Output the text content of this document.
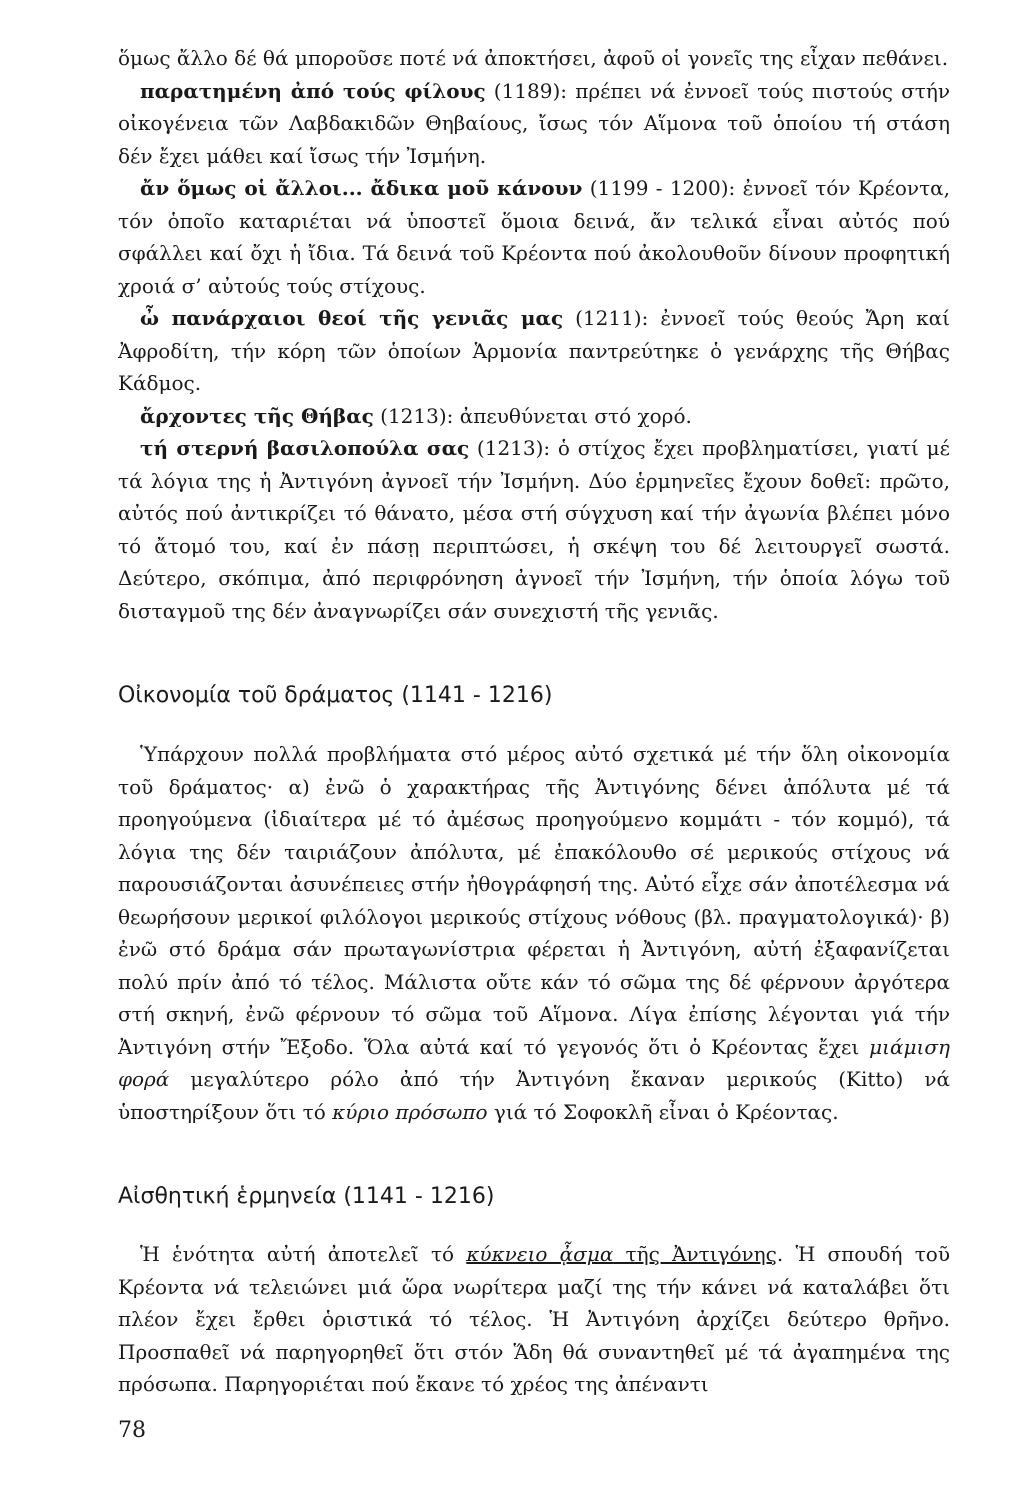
ὅμως ἄλλο δέ θά μποροῦσε ποτέ νά ἀποκτήσει, ἀφοῦ οἱ γονεῖς της εἶχαν πεθάνει.

παρατημένη ἀπό τούς φίλους (1189): πρέπει νά ἐννοεῖ τούς πιστούς στήν οἰκογένεια τῶν Λαβδακιδῶν Θηβαίους, ἴσως τόν Αἵμονα τοῦ ὁποίου τή στάση δέν ἔχει μάθει καί ἴσως τήν Ἰσμήνη.

ἄν ὅμως οἱ ἄλλοι... ἄδικα μοῦ κάνουν (1199 - 1200): ἐννοεῖ τόν Κρέοντα, τόν ὁποῖο καταριέται νά ὑποστεῖ ὅμοια δεινά, ἄν τελικά εἶναι αὐτός πού σφάλλει καί ὄχι ἡ ἴδια. Τά δεινά τοῦ Κρέοντα πού ἀκολουθοῦν δίνουν προφητική χροιά σ’ αὐτούς τούς στίχους.

ὦ πανάρχαιοι θεοί τῆς γενιᾶς μας (1211): ἐννοεῖ τούς θεούς Ἄρη καί Ἀφροδίτη, τήν κόρη τῶν ὁποίων Ἁρμονία παντρεύτηκε ὁ γενάρχης τῆς Θήβας Κάδμος.

ἄρχοντες τῆς Θήβας (1213): ἀπευθύνεται στό χορό.

τή στερνή βασιλοπούλα σας (1213): ὁ στίχος ἔχει προβληματίσει, γιατί μέ τά λόγια της ἡ Ἀντιγόνη ἀγνοεῖ τήν Ἰσμήνη. Δύο ἑρμηνεῖες ἔχουν δοθεῖ: πρῶτο, αὐτός πού ἀντικρίζει τό θάνατο, μέσα στή σύγχυση καί τήν ἀγωνία βλέπει μόνο τό ἄτομό του, καί ἐν πάσῃ περιπτώσει, ἡ σκέψη του δέ λειτουργεῖ σωστά. Δεύτερο, σκόπιμα, ἀπό περιφρόνηση ἀγνοεῖ τήν Ἰσμήνη, τήν ὁποία λόγω τοῦ δισταγμοῦ της δέν ἀναγνωρίζει σάν συνεχιστή τῆς γενιᾶς.

Οἰκονομία τοῦ δράματος (1141 - 1216)

Ὑπάρχουν πολλά προβλήματα στό μέρος αὐτό σχετικά μέ τήν ὅλη οἰκονομία τοῦ δράματος· α) ἐνῶ ὁ χαρακτήρας τῆς Ἀντιγόνης δένει ἀπόλυτα μέ τά προηγούμενα (ἰδιαίτερα μέ τό ἀμέσως προηγούμενο κομμάτι - τόν κομμό), τά λόγια της δέν ταιριάζουν ἀπόλυτα, μέ ἐπακόλουθο σέ μερικούς στίχους νά παρουσιάζονται ἀσυνέπειες στήν ἠθογράφησή της. Αὐτό εἶχε σάν ἀποτέλεσμα νά θεωρήσουν μερικοί φιλόλογοι μερικούς στίχους νόθους (βλ. πραγματολογικά)· β) ἐνῶ στό δράμα σάν πρωταγωνίστρια φέρεται ἡ Ἀντιγόνη, αὐτή ἐξαφανίζεται πολύ πρίν ἀπό τό τέλος. Μάλιστα οὔτε κάν τό σῶμα της δέ φέρνουν ἀργότερα στή σκηνή, ἐνῶ φέρνουν τό σῶμα τοῦ Αἵμονα. Λίγα ἐπίσης λέγονται γιά τήν Ἀντιγόνη στήν Ἔξοδο. Ὅλα αὐτά καί τό γεγονός ὅτι ὁ Κρέοντας ἔχει μιάμιση φορά μεγαλύτερο ρόλο ἀπό τήν Ἀντιγόνη ἔκαναν μερικούς (Kitto) νά ὑποστηρίξουν ὅτι τό κύριο πρόσωπο γιά τό Σοφοκλῆ εἶναι ὁ Κρέοντας.

Αἰσθητική ἑρμηνεία (1141 - 1216)

Ἡ ἑνότητα αὐτή ἀποτελεῖ τό κύκνειο ᾆσμα τῆς Ἀντιγόνης. Ἡ σπουδή τοῦ Κρέοντα νά τελειώνει μιά ὥρα νωρίτερα μαζί της τήν κάνει νά καταλάβει ὅτι πλέον ἔχει ἔρθει ὁριστικά τό τέλος. Ἡ Ἀντιγόνη ἀρχίζει δεύτερο θρῆνο. Προσπαθεῖ νά παρηγορηθεῖ ὅτι στόν Ἅδη θά συναντηθεῖ μέ τά ἀγαπημένα της πρόσωπα. Παρηγοριέται πού ἔκανε τό χρέος της ἀπέναντι

78
